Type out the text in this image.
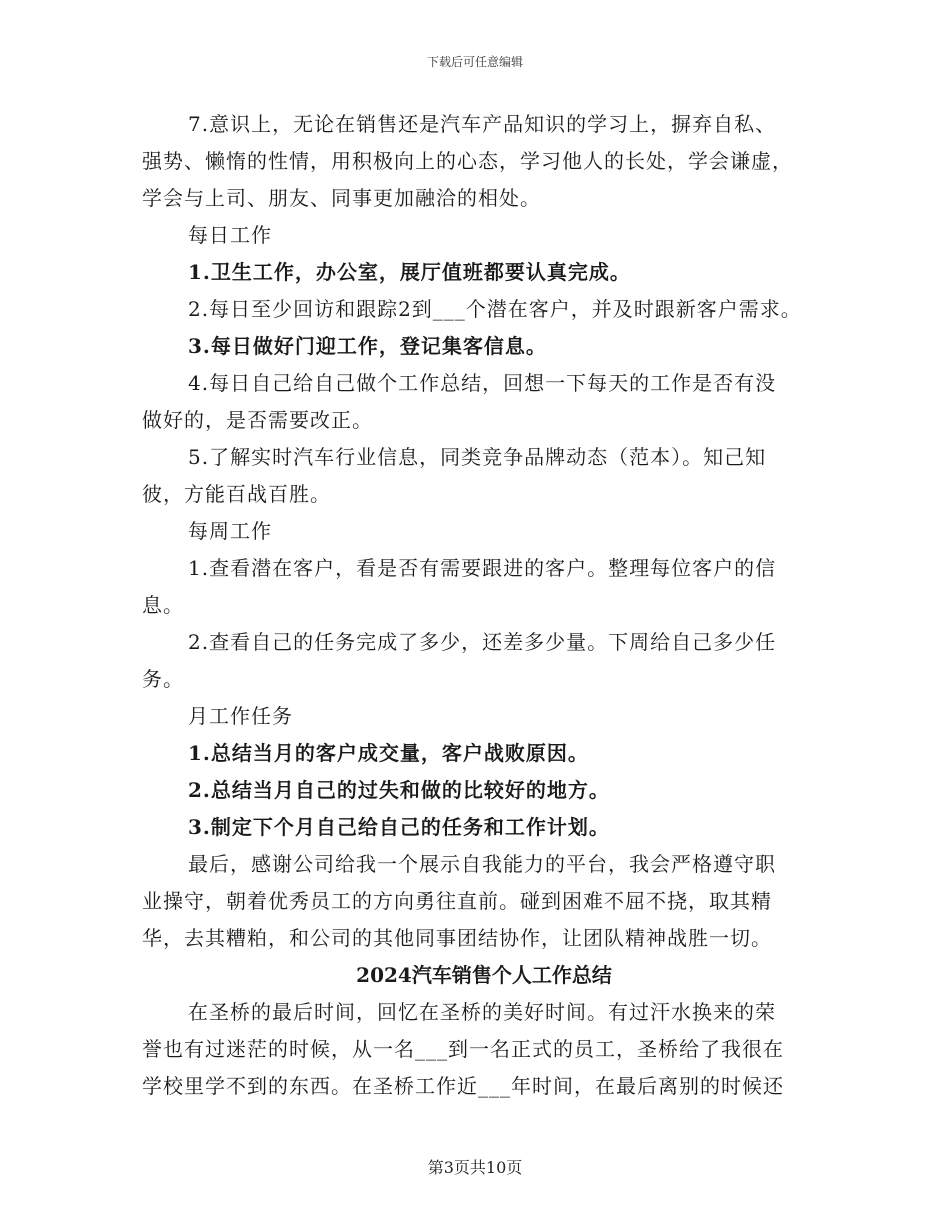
下载后可任意编辑
7.意识上，无论在销售还是汽车产品知识的学习上，摒弃自私、
强势、懒惰的性情，用积极向上的心态，学习他人的长处，学会谦虚，
学会与上司、朋友、同事更加融洽的相处。
每日工作
1.卫生工作，办公室，展厅值班都要认真完成。
2.每日至少回访和跟踪2到___个潜在客户，并及时跟新客户需求。
3.每日做好门迎工作，登记集客信息。
4.每日自己给自己做个工作总结，回想一下每天的工作是否有没
做好的，是否需要改正。
5.了解实时汽车行业信息，同类竞争品牌动态（范本）。知己知
彼，方能百战百胜。
每周工作
1.查看潜在客户，看是否有需要跟进的客户。整理每位客户的信
息。
2.查看自己的任务完成了多少，还差多少量。下周给自己多少任
务。
月工作任务
1.总结当月的客户成交量，客户战败原因。
2.总结当月自己的过失和做的比较好的地方。
3.制定下个月自己给自己的任务和工作计划。
最后，感谢公司给我一个展示自我能力的平台，我会严格遵守职
业操守，朝着优秀员工的方向勇往直前。碰到困难不屈不挠，取其精
华，去其糟粕，和公司的其他同事团结协作，让团队精神战胜一切。
2024汽车销售个人工作总结
在圣桥的最后时间，回忆在圣桥的美好时间。有过汗水换来的荣
誉也有过迷茫的时候，从一名___到一名正式的员工，圣桥给了我很在
学校里学不到的东西。在圣桥工作近___年时间，在最后离别的时候还
第3页共10页
